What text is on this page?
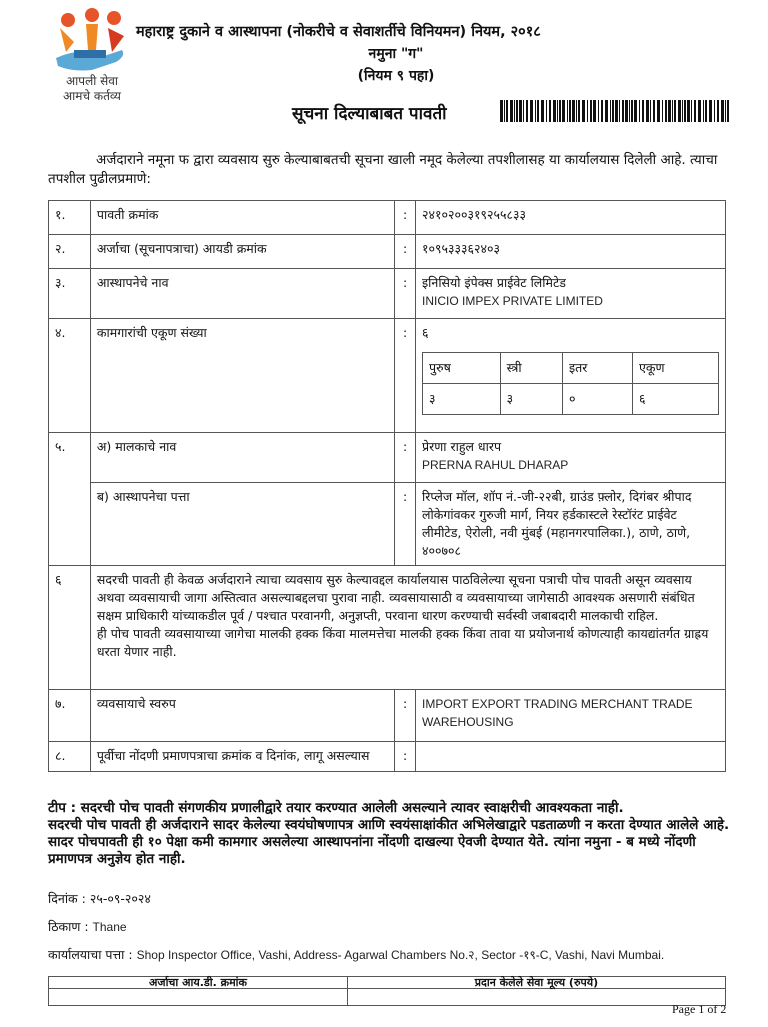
आपली सेवा
आमचे कर्तव्य
महाराष्ट्र दुकाने व आस्थापना (नोकरीचे व सेवाशर्तीचे विनियमन) नियम, २०१८
नमुना "ग"
(नियम ९ पहा)
सूचना दिल्याबाबत पावती
अर्जदाराने नमूना फ द्वारा व्यवसाय सुरु केल्याबाबतची सूचना खाली नमूद केलेल्या तपशीलासह या कार्यालयास दिलेली आहे. त्याचा तपशील पुढीलप्रमाणे:
१.	पावती क्रमांक	:	२४१०२००३१९२५५८३३
२.	अर्जाचा (सूचनापत्राचा) आयडी क्रमांक	:	१०९५३३३६२४०३
३.	आस्थापनेचे नाव	:	इनिसियो इंपेक्स प्राईवेट लिमिटेड
INICIO IMPEX PRIVATE LIMITED

४.	कामगारांची एकूण संख्या	:	६
पुरुष	स्त्री	इतर	एकूण
३	३	०	६

५.	अ) मालकाचे नाव	:	प्रेरणा राहुल धारप
PRERNA RAHUL DHARAP

ब) आस्थापनेचा पत्ता	:	रिप्लेज मॉल, शॉप नं.-जी-२२बी, ग्राउंड फ़्लोर, दिगंबर श्रीपाद लोकेगांवकर गुरुजी मार्ग, नियर हर्डकास्टले रेस्टॉरंट प्राईवेट लीमीटेड, ऐरोली, नवी मुंबई (महानगरपालिका.), ठाणे, ठाणे, ४००७०८
६	सदरची पावती ही केवळ अर्जदाराने त्याचा व्यवसाय सुरु केल्यावद्दल कार्यालयास पाठविलेल्या सूचना पत्राची पोच पावती असून व्यवसाय अथवा व्यवसायाची जागा अस्तित्वात असल्याबद्दलचा पुरावा नाही. व्यवसायासाठी व व्यवसायाच्या जागेसाठी आवश्यक असणारी संबंधित सक्षम प्राधिकारी यांच्याकडील पूर्व / पश्चात परवानगी, अनुज्ञप्ती, परवाना धारण करण्याची सर्वस्वी जबाबदारी मालकाची राहिल.
ही पोच पावती व्यवसायाच्या जागेचा मालकी हक्क किंवा मालमत्तेचा मालकी हक्क किंवा तावा या प्रयोजनार्थ कोणत्याही कायद्यांतर्गत ग्राह्रय धरता येणार नाही.

७.	व्यवसायाचे स्वरुप	:	IMPORT EXPORT TRADING MERCHANT TRADE WAREHOUSING
८.	पूर्वीचा नोंदणी प्रमाणपत्राचा क्रमांक व दिनांक, लागू असल्यास	:	
टीप : सदरची पोच पावती संगणकीय प्रणालीद्वारे तयार करण्यात आलेली असल्याने त्यावर स्वाक्षरीची आवश्यकता नाही.
सदरची पोच पावती ही अर्जदाराने सादर केलेल्या स्वयंघोषणापत्र आणि स्वयंसाक्षांकीत अभिलेखाद्वारे पडताळणी न करता देण्यात आलेले आहे.
सादर पोचपावती ही १० पेक्षा कमी कामगार असलेल्या आस्थापनांना नोंदणी दाखल्या ऐवजी देण्यात येते. त्यांना नमुना - ब मध्ये नोंदणी प्रमाणपत्र अनुज्ञेय होत नाही.
दिनांक : २५-०९-२०२४
ठिकाण : Thane
कार्यालयाचा पत्ता : Shop Inspector Office, Vashi, Address- Agarwal Chambers No.२, Sector -१९-C, Vashi, Navi Mumbai.
अर्जाचा आय.डी. क्रमांक	प्रदान केलेले सेवा मूल्य (रुपये)

Page 1 of 2
